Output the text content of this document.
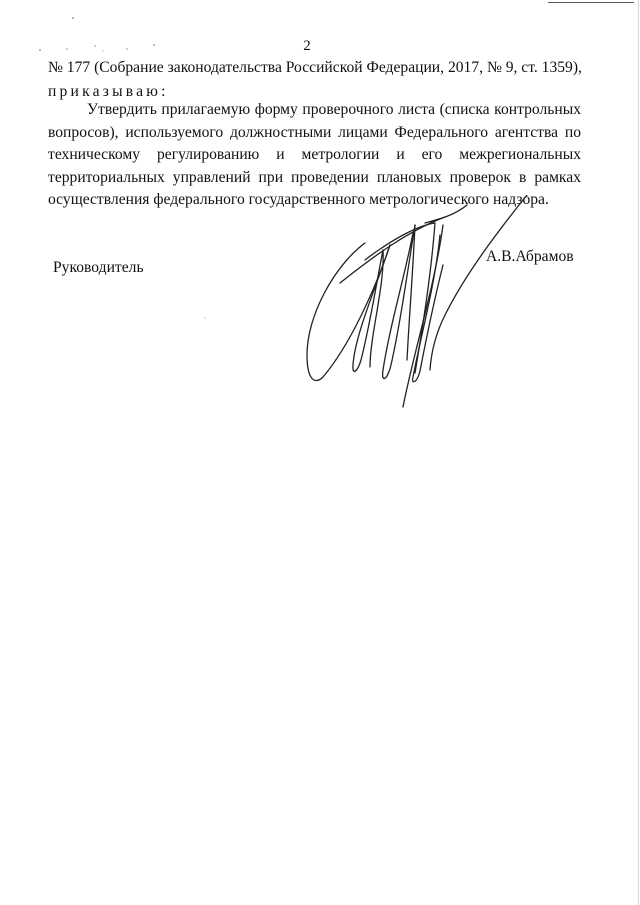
2
№ 177 (Собрание законодательства Российской Федерации, 2017, № 9, ст. 1359),
приказываю:
Утвердить прилагаемую форму проверочного листа (списка контрольных вопросов), используемого должностными лицами Федерального агентства по техническому регулированию и метрологии и его межрегиональных территориальных управлений при проведении плановых проверок в рамках осуществления федерального государственного метрологического надзора.
Руководитель
А.В.Абрамов
